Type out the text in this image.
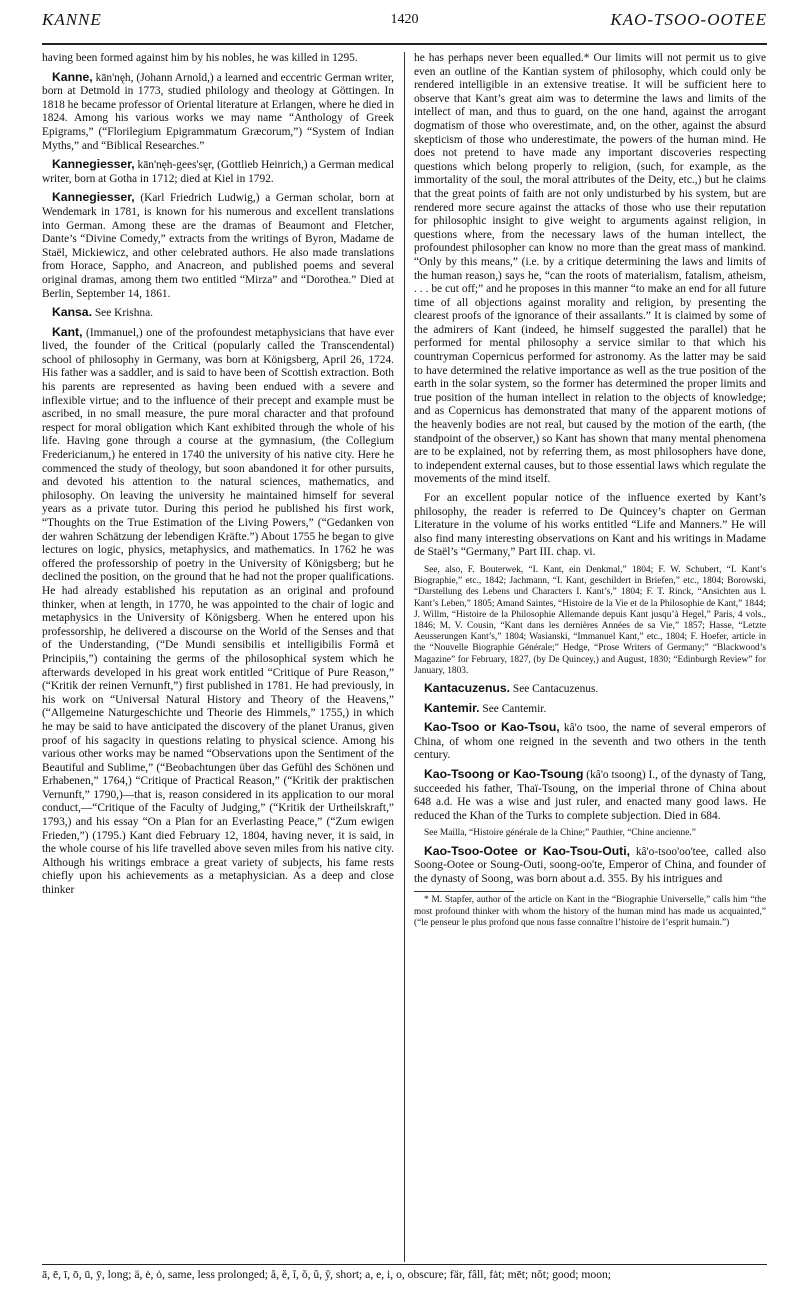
KANNE	1420	KAO-TSOO-OOTEE

having been formed against him by his nobles, he was killed in 1295.

Kanne, kān'nęh, (Johann Arnold,) a learned and eccentric German writer, born at Detmold in 1773, studied philology and theology at Göttingen. In 1818 he became professor of Oriental literature at Erlangen, where he died in 1824. Among his various works we may name “Anthology of Greek Epigrams,” (“Florilegium Epigrammatum Græcorum,”) “System of Indian Myths,” and “Biblical Researches.”

Kannegiesser, kān'nęh-gees'sęr, (Gottlieb Heinrich,) a German medical writer, born at Gotha in 1712; died at Kiel in 1792.

Kannegiesser, (Karl Friedrich Ludwig,) a German scholar, born at Wendemark in 1781, is known for his numerous and excellent translations into German. Among these are the dramas of Beaumont and Fletcher, Dante’s “Divine Comedy,” extracts from the writings of Byron, Madame de Staël, Mickiewicz, and other celebrated authors. He also made translations from Horace, Sappho, and Anacreon, and published poems and several original dramas, among them two entitled “Mirza” and “Dorothea.” Died at Berlin, September 14, 1861.

Kansa. See Krishna.

Kant, (Immanuel,) one of the profoundest metaphysicians that have ever lived, the founder of the Critical (popularly called the Transcendental) school of philosophy in Germany, was born at Königsberg, April 26, 1724. His father was a saddler, and is said to have been of Scottish extraction. Both his parents are represented as having been endued with a severe and inflexible virtue; and to the influence of their precept and example must be ascribed, in no small measure, the pure moral character and that profound respect for moral obligation which Kant exhibited through the whole of his life. Having gone through a course at the gymnasium, (the Collegium Fredericianum,) he entered in 1740 the university of his native city. Here he commenced the study of theology, but soon abandoned it for other pursuits, and devoted his attention to the natural sciences, mathematics, and philosophy. On leaving the university he maintained himself for several years as a private tutor. During this period he published his first work, “Thoughts on the True Estimation of the Living Powers,” (“Gedanken von der wahren Schätzung der lebendigen Kräfte.”) About 1755 he began to give lectures on logic, physics, metaphysics, and mathematics. In 1762 he was offered the professorship of poetry in the University of Königsberg; but he declined the position, on the ground that he had not the proper qualifications. He had already established his reputation as an original and profound thinker, when at length, in 1770, he was appointed to the chair of logic and metaphysics in the University of Königsberg. When he entered upon his professorship, he delivered a discourse on the World of the Senses and that of the Understanding, (“De Mundi sensibilis et intelligibilis Formâ et Principiis,”) containing the germs of the philosophical system which he afterwards developed in his great work entitled “Critique of Pure Reason,” (“Kritik der reinen Vernunft,”) first published in 1781. He had previously, in his work on “Universal Natural History and Theory of the Heavens,” (“Allgemeine Naturgeschichte und Theorie des Himmels,” 1755,) in which he may be said to have anticipated the discovery of the planet Uranus, given proof of his sagacity in questions relating to physical science. Among his various other works may be named “Observations upon the Sentiment of the Beautiful and Sublime,” (“Beobachtungen über das Gefühl des Schönen und Erhabenen,” 1764,) “Critique of Practical Reason,” (“Kritik der praktischen Vernunft,” 1790,)—that is, reason considered in its application to our moral conduct,—“Critique of the Faculty of Judging,” (“Kritik der Urtheilskraft,” 1793,) and his essay “On a Plan for an Everlasting Peace,” (“Zum ewigen Frieden,”) (1795.) Kant died February 12, 1804, having never, it is said, in the whole course of his life travelled above seven miles from his native city. Although his writings embrace a great variety of subjects, his fame rests chiefly upon his achievements as a metaphysician. As a deep and close thinker

he has perhaps never been equalled.* Our limits will not permit us to give even an outline of the Kantian system of philosophy, which could only be rendered intelligible in an extensive treatise. It will be sufficient here to observe that Kant’s great aim was to determine the laws and limits of the intellect of man, and thus to guard, on the one hand, against the arrogant dogmatism of those who overestimate, and, on the other, against the absurd skepticism of those who underestimate, the powers of the human mind. He does not pretend to have made any important discoveries respecting questions which belong properly to religion, (such, for example, as the immortality of the soul, the moral attributes of the Deity, etc.,) but he claims that the great points of faith are not only undisturbed by his system, but are rendered more secure against the attacks of those who use their reputation for philosophic insight to give weight to arguments against religion, in questions where, from the necessary laws of the human intellect, the profoundest philosopher can know no more than the great mass of mankind. “Only by this means,” (i.e. by a critique determining the laws and limits of the human reason,) says he, “can the roots of materialism, fatalism, atheism, . . . be cut off;” and he proposes in this manner “to make an end for all future time of all objections against morality and religion, by presenting the clearest proofs of the ignorance of their assailants.” It is claimed by some of the admirers of Kant (indeed, he himself suggested the parallel) that he performed for mental philosophy a service similar to that which his countryman Copernicus performed for astronomy. As the latter may be said to have determined the relative importance as well as the true position of the earth in the solar system, so the former has determined the proper limits and true position of the human intellect in relation to the objects of knowledge; and as Copernicus has demonstrated that many of the apparent motions of the heavenly bodies are not real, but caused by the motion of the earth, (the standpoint of the observer,) so Kant has shown that many mental phenomena are to be explained, not by referring them, as most philosophers have done, to independent external causes, but to those essential laws which regulate the movements of the mind itself.

For an excellent popular notice of the influence exerted by Kant’s philosophy, the reader is referred to De Quincey’s chapter on German Literature in the volume of his works entitled “Life and Manners.” He will also find many interesting observations on Kant and his writings in Madame de Staël’s “Germany,” Part III. chap. vi.

See, also, F. Bouterwek, “I. Kant, ein Denkmal,” 1804; F. W. Schubert, “I. Kant’s Biographie,” etc., 1842; Jachmann, “I. Kant, geschildert in Briefen,” etc., 1804; Borowski, “Darstellung des Lebens und Characters I. Kant’s,” 1804; F. T. Rinck, “Ansichten aus I. Kant’s Leben,” 1805; Amand Saintes, “Histoire de la Vie et de la Philosophie de Kant,” 1844; J. Willm, “Histoire de la Philosophie Allemande depuis Kant jusqu’à Hegel,” Paris, 4 vols., 1846; M. V. Cousin, “Kant dans les dernières Années de sa Vie,” 1857; Hasse, “Letzte Aeusserungen Kant’s,” 1804; Wasianski, “Immanuel Kant,” etc., 1804; F. Hoefer, article in the “Nouvelle Biographie Générale;” Hedge, “Prose Writers of Germany;” “Blackwood’s Magazine” for February, 1827, (by De Quincey,) and August, 1830; “Edinburgh Review” for January, 1803.

Kantacuzenus. See Cantacuzenus.

Kantemir. See Cantemir.

Kao-Tsoo or Kao-Tsou, kâ'o tsoo, the name of several emperors of China, of whom one reigned in the seventh and two others in the tenth century.

Kao-Tsoong or Kao-Tsoung (kâ'o tsoong) I., of the dynasty of Tang, succeeded his father, Thaï-Tsoung, on the imperial throne of China about 648 a.d. He was a wise and just ruler, and enacted many good laws. He reduced the Khan of the Turks to complete subjection. Died in 684.

See Mailla, “Histoire générale de la Chine;” Pauthier, “Chine ancienne.”

Kao-Tsoo-Ootee or Kao-Tsou-Outi, kâ'o-tsoo'oo'tee, called also Soong-Ootee or Soung-Outi, soong-oo'te, Emperor of China, and founder of the dynasty of Soong, was born about a.d. 355. By his intrigues and

* M. Stapfer, author of the article on Kant in the “Biographie Universelle,” calls him “the most profound thinker with whom the history of the human mind has made us acquainted,” (“le penseur le plus profond que nous fasse connaître l’histoire de l’esprit humain.”)

ā, ē, ī, ō, ū, ȳ, long; ä, ė, ȯ, same, less prolonged; ă, ĕ, ĭ, ŏ, ŭ, y̆, short; a, e, i, o, obscure; fär, fâll, fȧt; mēt; nŏt; good; moon;
